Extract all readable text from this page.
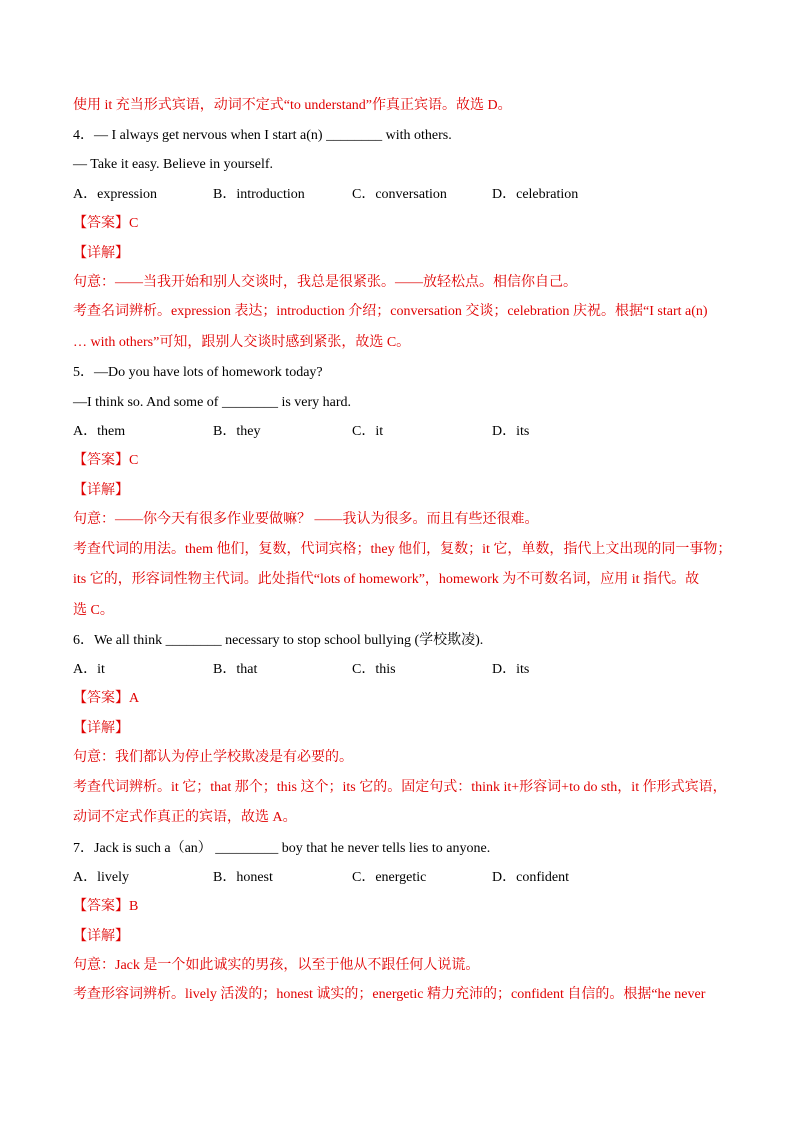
使用 it 充当形式宾语，动词不定式“to understand”作真正宾语。故选 D。
4．— I always get nervous when I start a(n) ________ with others.
— Take it easy. Believe in yourself.
A．expression	B．introduction	C．conversation	D．celebration
【答案】C
【详解】
句意：——当我开始和别人交谈时，我总是很紧张。——放轻松点。相信你自己。
考查名词辨析。expression 表达；introduction 介绍；conversation 交谈；celebration 庆祝。根据“I start a(n)
… with others”可知，跟别人交谈时感到紧张，故选 C。
5．—Do you have lots of homework today?
—I think so. And some of ________ is very hard.
A．them	B．they	C．it	D．its
【答案】C
【详解】
句意：——你今天有很多作业要做嘛？ ——我认为很多。而且有些还很难。
考查代词的用法。them 他们，复数，代词宾格；they 他们，复数；it 它，单数，指代上文出现的同一事物；
its 它的，形容词性物主代词。此处指代“lots of homework”，homework 为不可数名词，应用 it 指代。故
选 C。
6．We all think ________ necessary to stop school bullying (学校欺凌).
A．it	B．that	C．this	D．its
【答案】A
【详解】
句意：我们都认为停止学校欺凌是有必要的。
考查代词辨析。it 它；that 那个；this 这个；its 它的。固定句式：think it+形容词+to do sth，it 作形式宾语，
动词不定式作真正的宾语，故选 A。
7．Jack is such a（an） _________ boy that he never tells lies to anyone.
A．lively	B．honest	C．energetic	D．confident
【答案】B
【详解】
句意：Jack 是一个如此诚实的男孩，以至于他从不跟任何人说谎。
考查形容词辨析。lively 活泼的；honest 诚实的；energetic 精力充沛的；confident 自信的。根据“he never
